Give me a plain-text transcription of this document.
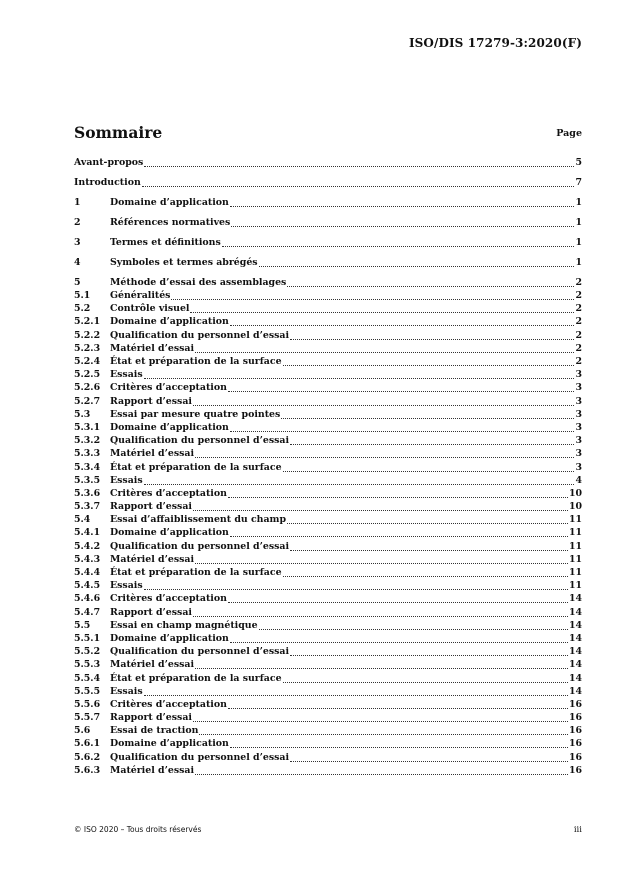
ISO/DIS 17279-3:2020(F)
Sommaire	Page
Avant-propos	5
Introduction	7
1	Domaine d’application	1
2	Références normatives	1
3	Termes et définitions	1
4	Symboles et termes abrégés	1
5	Méthode d’essai des assemblages	2
5.1	Généralités	2
5.2	Contrôle visuel	2
5.2.1	Domaine d’application	2
5.2.2	Qualification du personnel d’essai	2
5.2.3	Matériel d’essai	2
5.2.4	État et préparation de la surface	2
5.2.5	Essais	3
5.2.6	Critères d’acceptation	3
5.2.7	Rapport d’essai	3
5.3	Essai par mesure quatre pointes	3
5.3.1	Domaine d’application	3
5.3.2	Qualification du personnel d’essai	3
5.3.3	Matériel d’essai	3
5.3.4	État et préparation de la surface	3
5.3.5	Essais	4
5.3.6	Critères d’acceptation	10
5.3.7	Rapport d’essai	10
5.4	Essai d’affaiblissement du champ	11
5.4.1	Domaine d’application	11
5.4.2	Qualification du personnel d’essai	11
5.4.3	Matériel d’essai	11
5.4.4	État et préparation de la surface	11
5.4.5	Essais	11
5.4.6	Critères d’acceptation	14
5.4.7	Rapport d’essai	14
5.5	Essai en champ magnétique	14
5.5.1	Domaine d’application	14
5.5.2	Qualification du personnel d’essai	14
5.5.3	Matériel d’essai	14
5.5.4	État et préparation de la surface	14
5.5.5	Essais	14
5.5.6	Critères d’acceptation	16
5.5.7	Rapport d’essai	16
5.6	Essai de traction	16
5.6.1	Domaine d’application	16
5.6.2	Qualification du personnel d’essai	16
5.6.3	Matériel d’essai	16
© ISO 2020 – Tous droits réservés	iii
